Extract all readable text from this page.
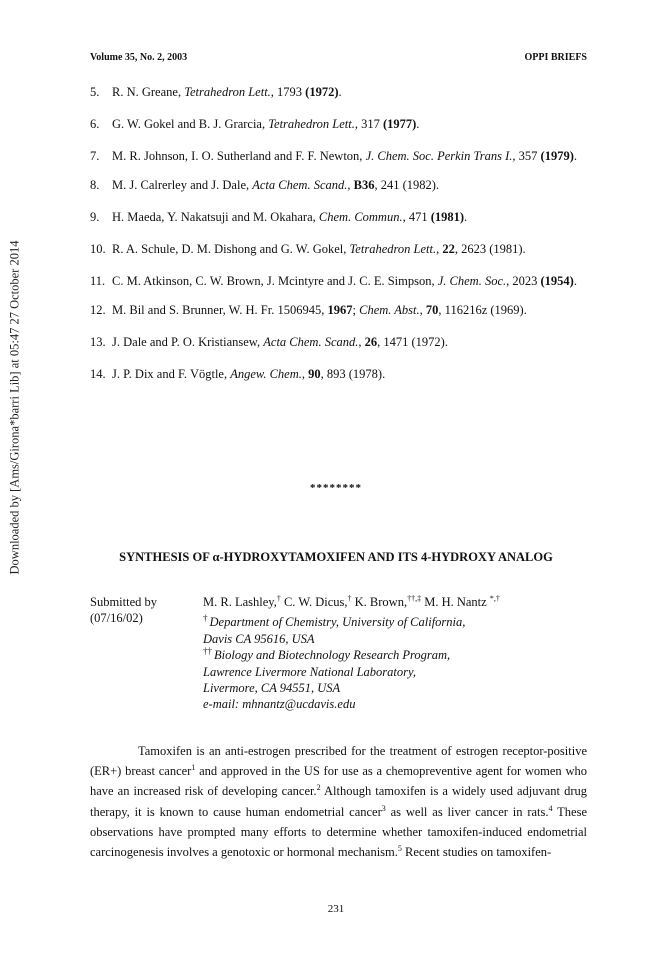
Downloaded by [Ams/Girona*barri Lib] at 05:47 27 October 2014
Volume 35, No. 2, 2003	OPPI BRIEFS
5.	R. N. Greane, Tetrahedron Lett., 1793 (1972).
6.	G. W. Gokel and B. J. Grarcia, Tetrahedron Lett., 317 (1977).
7.	M. R. Johnson, I. O. Sutherland and F. F. Newton, J. Chem. Soc. Perkin Trans I., 357 (1979).
8.	M. J. Calrerley and J. Dale, Acta Chem. Scand., B36, 241 (1982).
9.	H. Maeda, Y. Nakatsuji and M. Okahara, Chem. Commun., 471 (1981).
10. R. A. Schule, D. M. Dishong and G. W. Gokel, Tetrahedron Lett., 22, 2623 (1981).
11. C. M. Atkinson, C. W. Brown, J. Mcintyre and J. C. E. Simpson, J. Chem. Soc., 2023 (1954).
12. M. Bil and S. Brunner, W. H. Fr. 1506945, 1967; Chem. Abst., 70, 116216z (1969).
13. J. Dale and P. O. Kristiansew, Acta Chem. Scand., 26, 1471 (1972).
14. J. P. Dix and F. Vögtle, Angew. Chem., 90, 893 (1978).
********
SYNTHESIS OF α-HYDROXYTAMOXIFEN AND ITS 4-HYDROXY ANALOG
Submitted by
(07/16/02)
M. R. Lashley,† C. W. Dicus,† K. Brown,††,‡ M. H. Nantz *,†
† Department of Chemistry, University of California,
Davis CA 95616, USA
†† Biology and Biotechnology Research Program,
Lawrence Livermore National Laboratory,
Livermore, CA 94551, USA
e-mail: mhnantz@ucdavis.edu

Tamoxifen is an anti-estrogen prescribed for the treatment of estrogen receptor-positive (ER+) breast cancer$^1$ and approved in the US for use as a chemopreventive agent for women who have an increased risk of developing cancer.$^2$ Although tamoxifen is a widely used adjuvant drug therapy, it is known to cause human endometrial cancer$^3$ as well as liver cancer in rats.$^4$ These observations have prompted many efforts to determine whether tamoxifen-induced endometrial carcinogenesis involves a genotoxic or hormonal mechanism.$^5$ Recent studies on tamoxifen-

231
